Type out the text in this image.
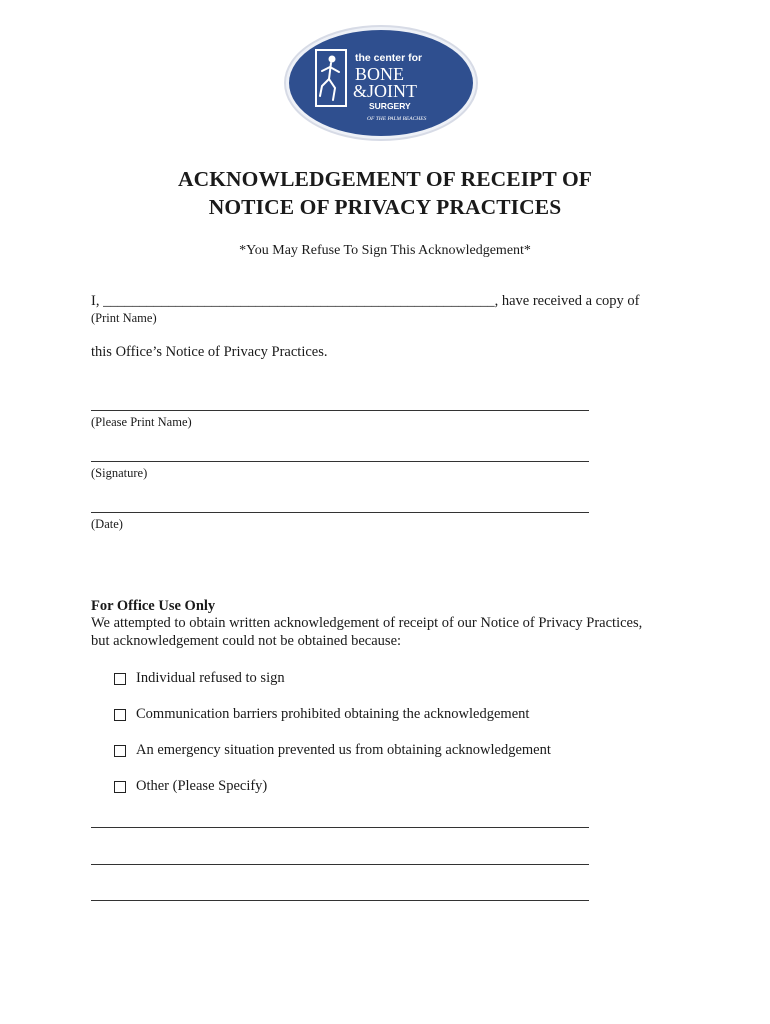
the center for
BONE
&JOINT
SURGERY
OF THE PALM BEACHES
ACKNOWLEDGEMENT OF RECEIPT OF
NOTICE OF PRIVACY PRACTICES
*You May Refuse To Sign This Acknowledgement*
I, ______________________________________________________, have received a copy of
(Print Name)
this Office’s Notice of Privacy Practices.
(Please Print Name)
(Signature)
(Date)
For Office Use Only
We attempted to obtain written acknowledgement of receipt of our Notice of Privacy Practices,
but acknowledgement could not be obtained because:
Individual refused to sign
Communication barriers prohibited obtaining the acknowledgement
An emergency situation prevented us from obtaining acknowledgement
Other (Please Specify)
